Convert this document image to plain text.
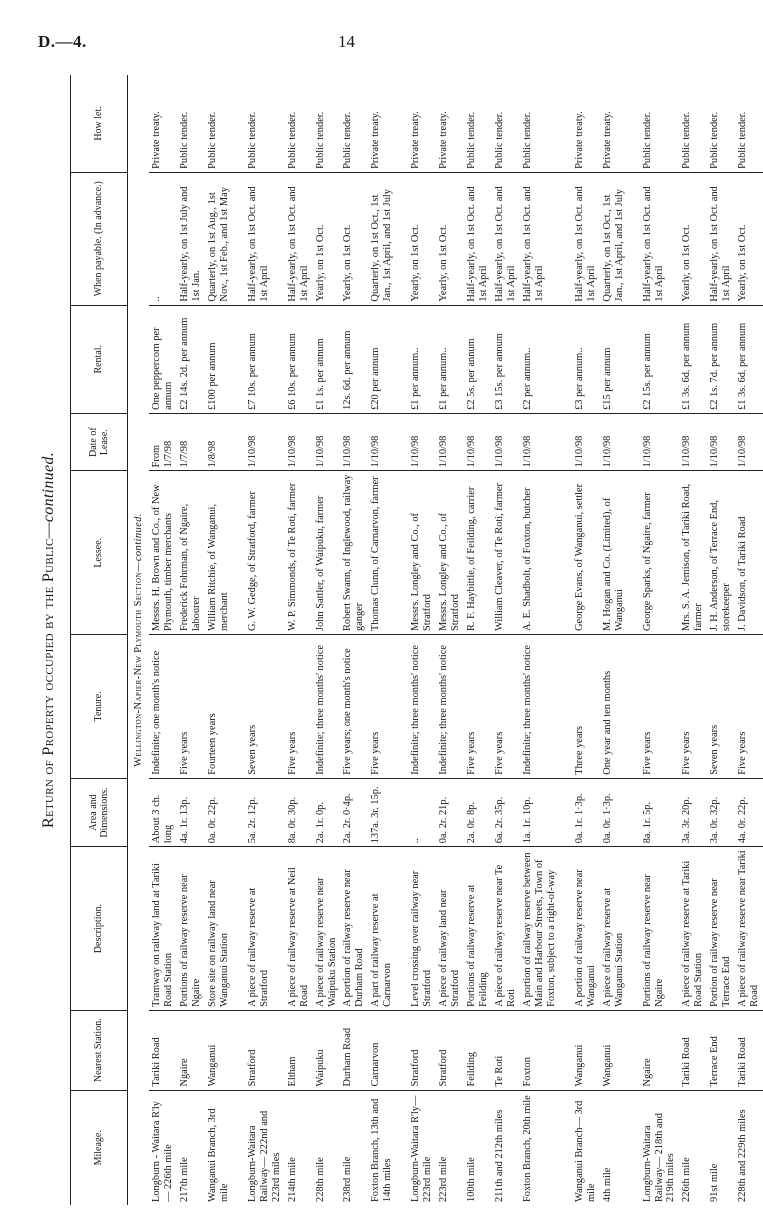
D.—4.	14
Return of Property occupied by the Public—continued.
Mileage.	Nearest Station.	Description.	Area and Dimensions.	Tenure.	Lessee.	Date of Lease.	Rental.	When payable. (In advance.)	How let.
Wellington-Napier-New Plymouth Section—continued.									
Longburn - Waitara R'ly— 226th mile	Tariki Road	Tramway on railway land at Tariki Road Station	About 3 ch. long	Indefinite; one month's notice	Messrs. H. Brown and Co., of New Plymouth, timber merchants	From 1/7/98	One peppercorn per annum	..	Private treaty.
217th mile	Ngaire	Portions of railway reserve near Ngaire	4a. 1r. 13p.	Five years	Frederick Fohrman, of Ngaire, labourer	1/7/98	£2 14s. 2d. per annum	Half-yearly, on 1st July and 1st Jan.	Public tender.
Wanganui Branch, 3rd mile	Wanganui	Store site on railway land near Wanganui Station	0a. 0r. 22p.	Fourteen years	William Ritchie, of Wanganui, merchant	1/8/98	£100 per annum	Quarterly, on 1st Aug., 1st Nov., 1st Feb., and 1st May	Public tender.

Longburn-Waitara Railway— 222nd and 223rd miles	Stratford	A piece of railway reserve at Stratford	5a. 2r. 12p.	Seven years	G. W. Gedge, of Stratford, farmer	1/10/98	£7 10s. per annum	Half-yearly, on 1st Oct. and 1st April	Public tender.
214th mile	Eltham	A piece of railway reserve at Neil Road	8a. 0r. 30p.	Five years	W. P. Simmonds, of Te Roti, farmer	1/10/98	£6 10s. per annum	Half-yearly, on 1st Oct. and 1st April	Public tender.
228th mile	Waipuku	A piece of railway reserve near Waipuku Station	2a. 1r. 0p.	Indefinite; three months' notice	John Sattler, of Waipuku, farmer	1/10/98	£1 1s. per annum	Yearly, on 1st Oct.	Public tender.
238rd mile	Durham Road	A portion of railway reserve near Durham Road	2a. 2r. 0·4p.	Five years; one month's notice	Robert Swann, of Inglewood, railway ganger	1/10/98	12s. 6d. per annum	Yearly, on 1st Oct.	Public tender.
Foxton Branch, 13th and 14th miles	Carnarvon	A part of railway reserve at Carnarvon	137a. 3r. 15p.	Five years	Thomas Clunn, of Carnarvon, farmer	1/10/98	£20 per annum	Quarterly, on 1st Oct., 1st Jan., 1st April, and 1st July	Private treaty.

Longburn-Waitara R'ly— 223rd mile	Stratford	Level crossing over railway near Stratford	..	Indefinite; three months' notice	Messrs. Longley and Co., of Stratford	1/10/98	£1 per annum..	Yearly, on 1st Oct.	Private treaty.
223rd mile	Stratford	A piece of railway land near Stratford	0a. 2r. 21p.	Indefinite; three months' notice	Messrs. Longley and Co., of Stratford	1/10/98	£1 per annum..	Yearly, on 1st Oct.	Private treaty.
100th mile	Feilding	Portions of railway reserve at Feilding	2a. 0r. 8p.	Five years	R. F. Haybittle, of Feilding, carrier	1/10/98	£2 5s. per annum	Half-yearly, on 1st Oct. and 1st April	Public tender.
211th and 212th miles	Te Roti	A piece of railway reserve near Te Roti	6a. 2r. 35p.	Five years	William Cleaver, of Te Roti, farmer	1/10/98	£3 15s. per annum	Half-yearly, on 1st Oct. and 1st April	Public tender.
Foxton Branch, 20th mile	Foxton	A portion of railway reserve between Main and Harbour Streets, Town of Foxton, subject to a right-of-way	1a. 1r. 10p.	Indefinite; three months' notice	A. E. Shadbolt, of Foxton, butcher	1/10/98	£2 per annum..	Half-yearly, on 1st Oct. and 1st April	Public tender.

Wanganui Branch— 3rd mile	Wanganui	A portion of railway reserve near Wanganui	0a. 1r. 1·3p.	Three years	George Evans, of Wanganui, settler	1/10/98	£3 per annum..	Half-yearly, on 1st Oct. and 1st April	Private treaty.
4th mile	Wanganui	A piece of railway reserve at Wanganui Station	0a. 0r. 1·3p.	One year and ten months	M. Hogan and Co. (Limited), of Wanganui	1/10/98	£15 per annum	Quarterly, on 1st Oct., 1st Jan., 1st April, and 1st July	Private treaty.

Longburn-Waitara Railway— 218th and 219th miles	Ngaire	Portions of railway reserve near Ngaire	8a. 1r. 5p.	Five years	George Sparks, of Ngaire, farmer	1/10/98	£2 15s. per annum	Half-yearly, on 1st Oct. and 1st April	Public tender.
226th mile	Tariki Road	A piece of railway reserve at Tariki Road Station	3a. 3r. 20p.	Five years	Mrs. S. A. Jemison, of Tariki Road, farmer	1/10/98	£1 3s. 6d. per annum	Yearly, on 1st Oct.	Public tender.
91st mile	Terrace End	Portion of railway reserve near Terrace End	3a. 0r. 32p.	Seven years	J. H. Anderson, of Terrace End, storekeeper	1/10/98	£2 1s. 7d. per annum	Half-yearly, on 1st Oct. and 1st April	Public tender.
228th and 229th miles	Tariki Road	A piece of railway reserve near Tariki Road	4a. 0r. 22p.	Five years	J. Davidson, of Tariki Road	1/10/98	£1 3s. 6d. per annum	Yearly, on 1st Oct.	Public tender.
